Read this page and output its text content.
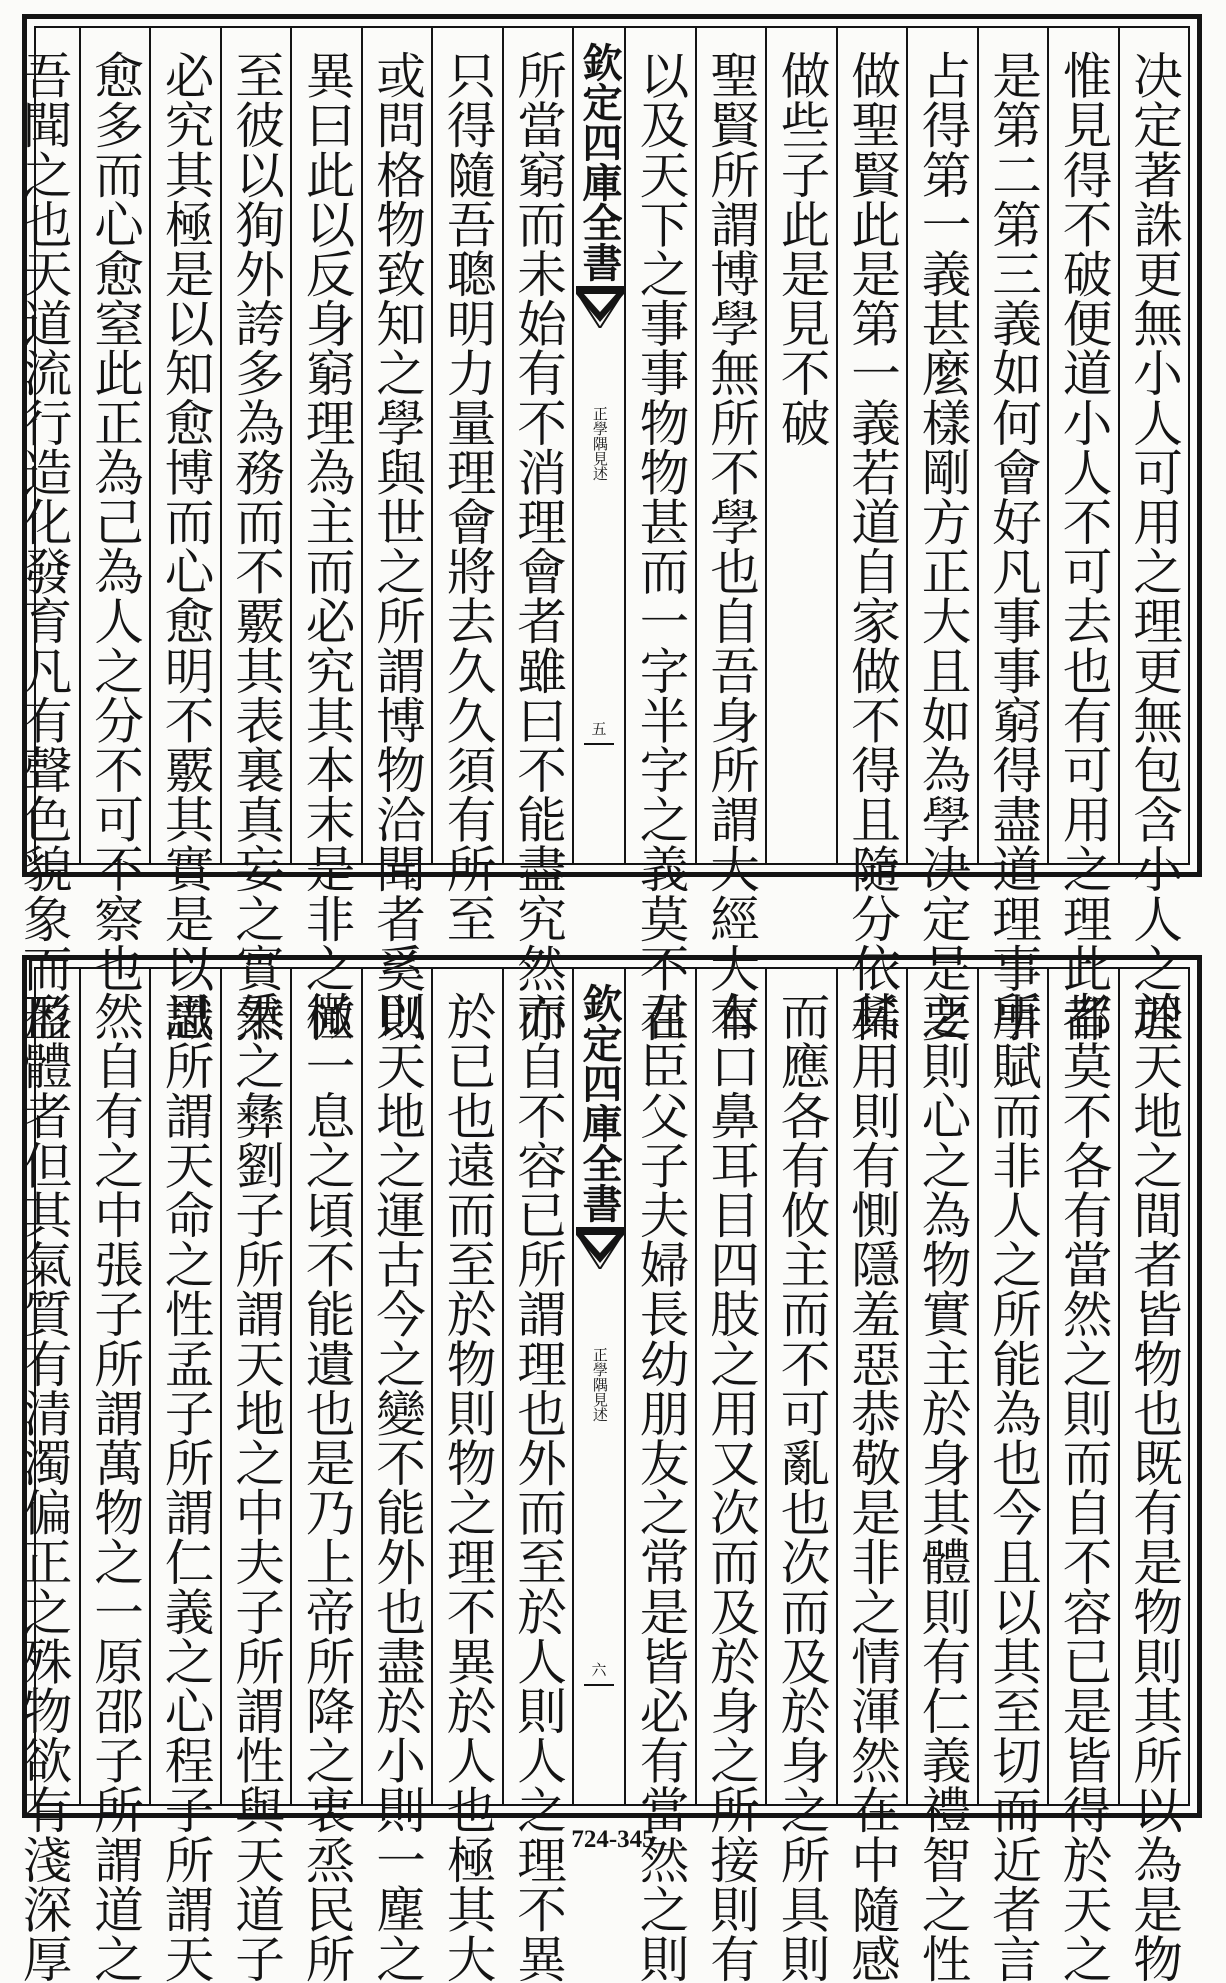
决定著誅更無小人可用之理更無包含小人之理
惟見得不破便道小人不可去也有可用之理此都
是第二第三義如何會好凡事事窮得盡道理事事
占得第一義甚麼樣剛方正大且如為學决定是要
做聖賢此是第一義若道自家做不得且隨分依稀
做些子此是見不破
聖賢所謂博學無所不學也自吾身所謂大經大本
以及天下之事事物物甚而一字半字之義莫不在
欽定四庫全書
正學隅見述
五
所當窮而未始有不消理會者雖曰不能盡究然亦
只得隨吾聰明力量理會將去久久須有所至
或問格物致知之學與世之所謂博物洽聞者奚以
異曰此以反身窮理為主而必究其本末是非之極
至彼以狥外誇多為務而不覈其表裏真妄之實然
必究其極是以知愈博而心愈明不覈其實是以識
愈多而心愈窒此正為己為人之分不可不察也
吾聞之也天道流行造化發育凡有聲色貌象而盈
於天地之間者皆物也既有是物則其所以為是物
者莫不各有當然之則而自不容已是皆得於天之
所賦而非人之所能為也今且以其至切而近者言
之則心之為物實主於身其體則有仁義禮智之性
其用則有惻隱羞惡恭敬是非之情渾然在中隨感
而應各有攸主而不可亂也次而及於身之所具則
有口鼻耳目四肢之用又次而及於身之所接則有
君臣父子夫婦長幼朋友之常是皆必有當然之則
欽定四庫全書
正學隅見述
六
而自不容已所謂理也外而至於人則人之理不異
於已也遠而至於物則物之理不異於人也極其大
則天地之運古今之變不能外也盡於小則一塵之
微一息之頃不能遺也是乃上帝所降之衷烝民所
秉之彝劉子所謂天地之中夫子所謂性與天道子
思所謂天命之性孟子所謂仁義之心程子所謂天
然自有之中張子所謂萬物之一原邵子所謂道之
形體者但其氣質有清濁偏正之殊物欲有淺深厚	724-345
